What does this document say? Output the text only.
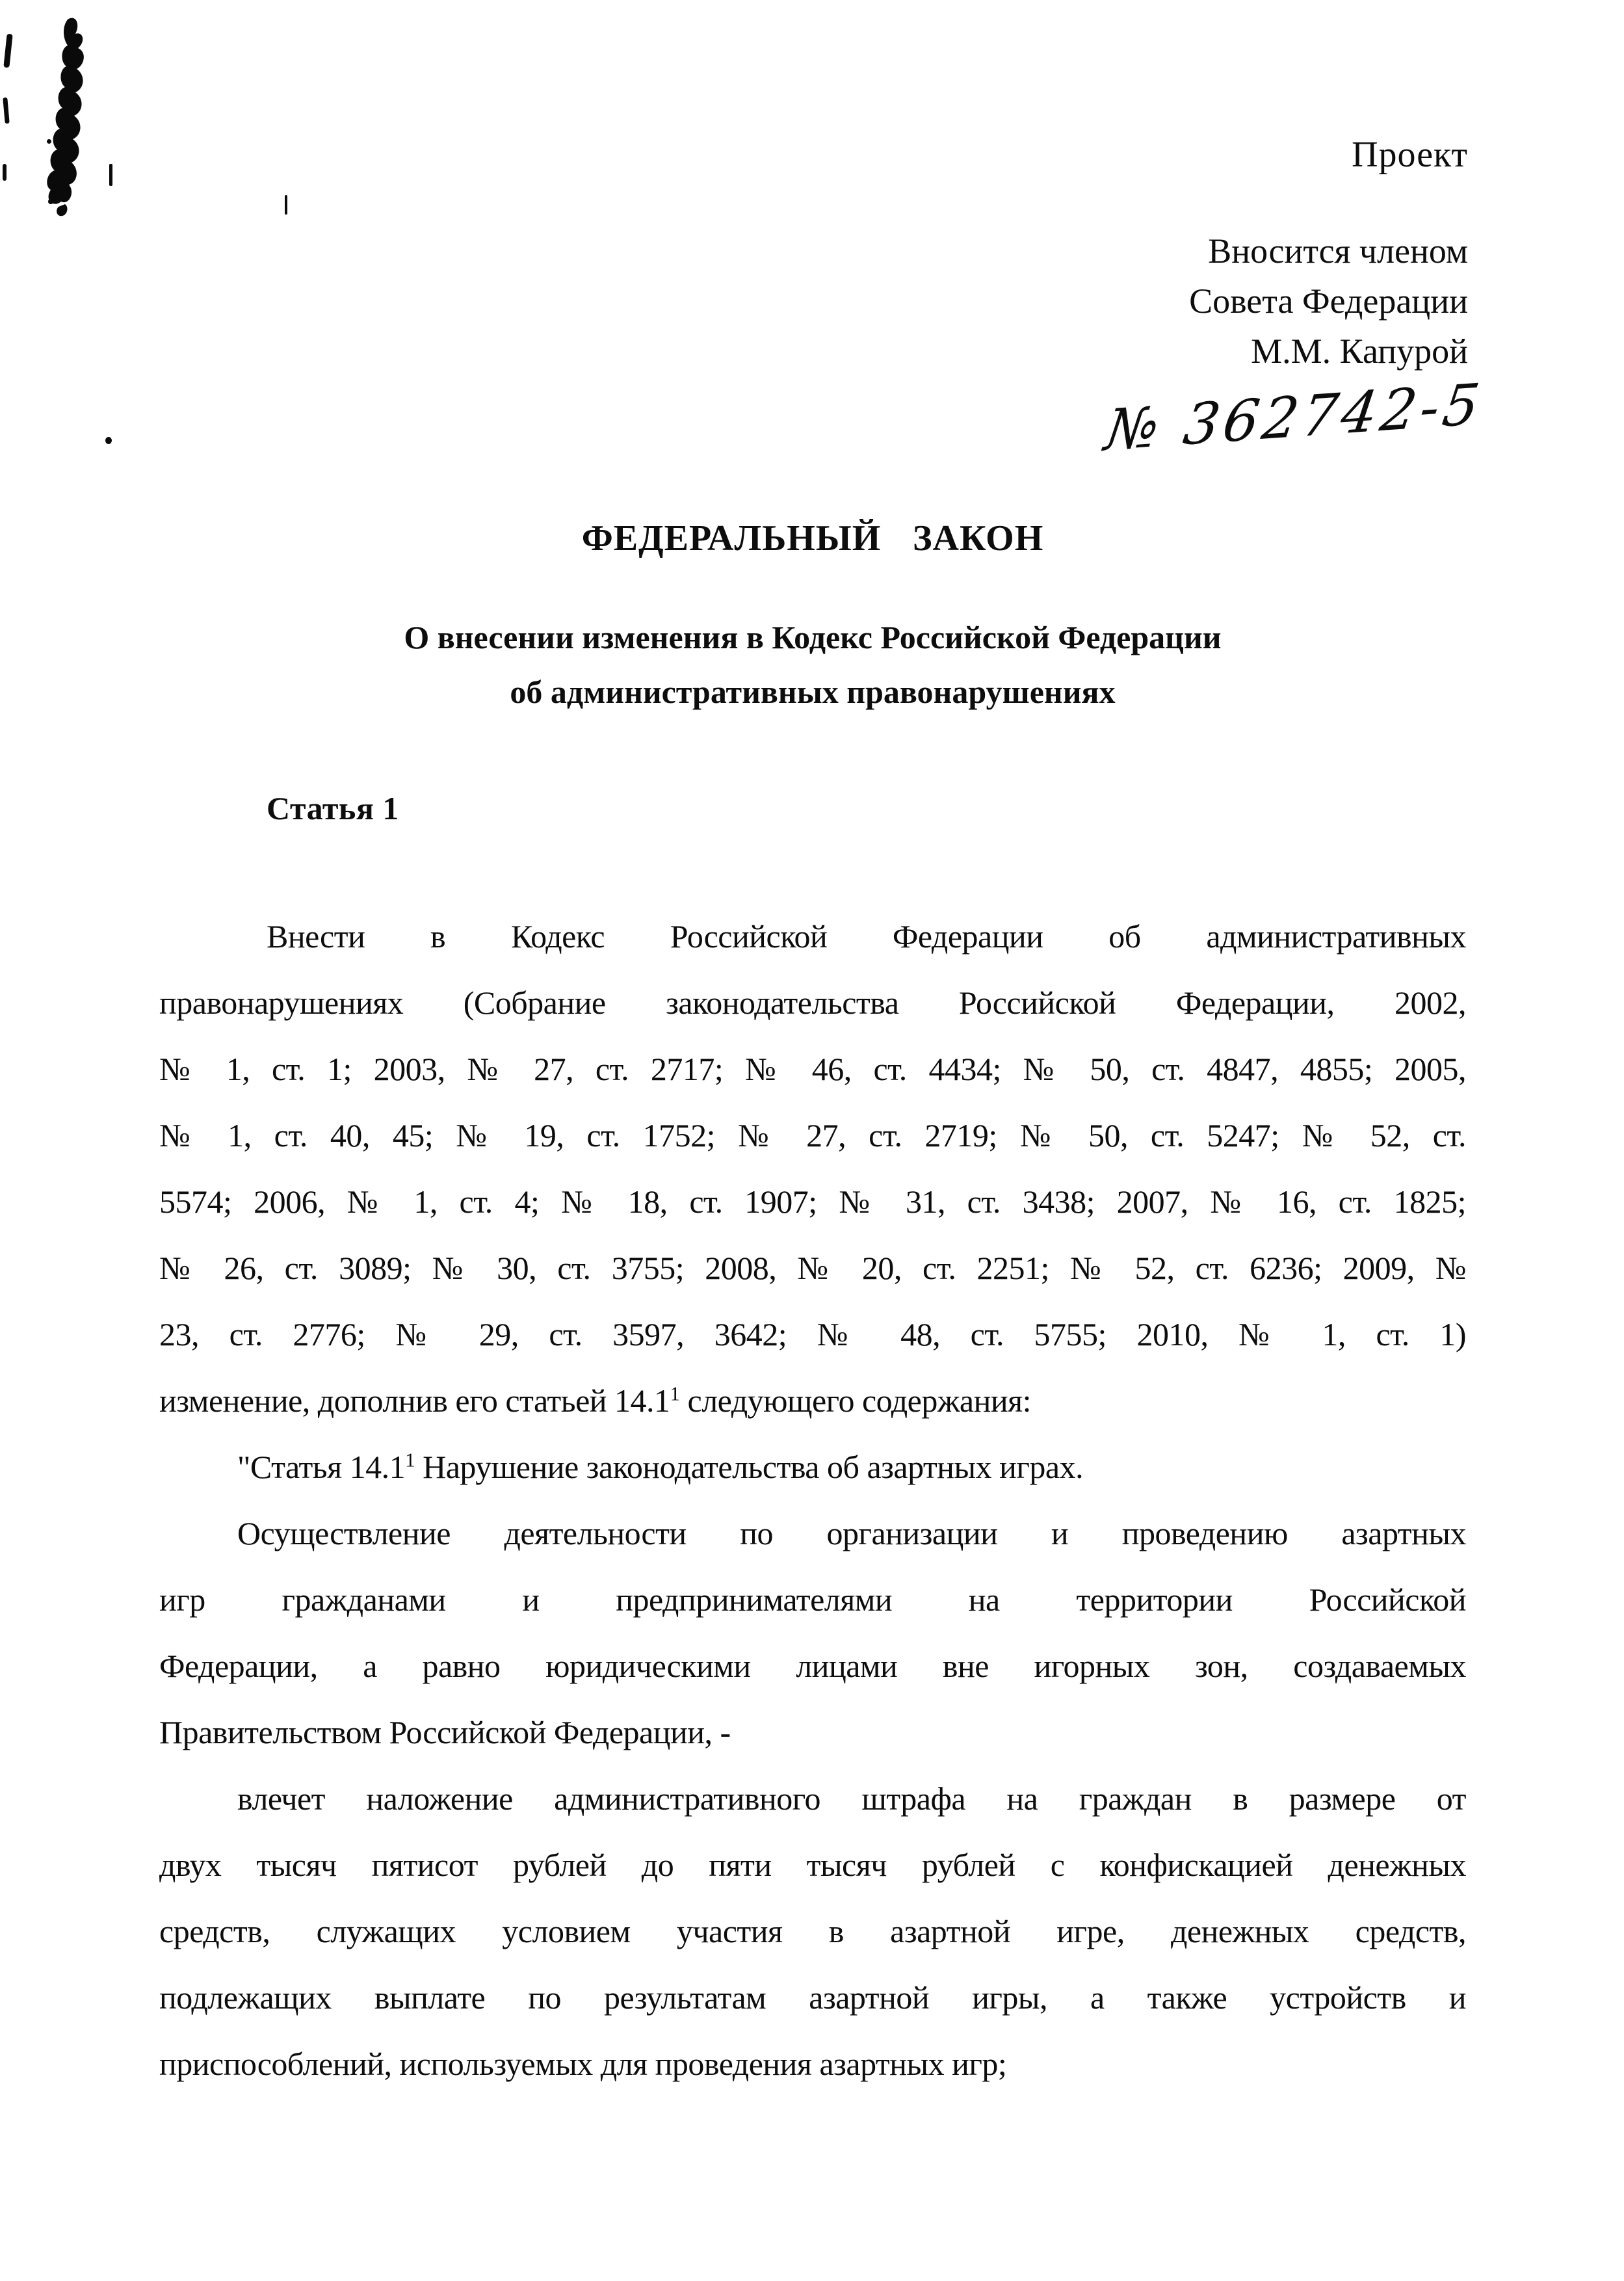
Проект
Вносится членом
Совета Федерации
М.М. Капурой
№ 362742-5
ФЕДЕРАЛЬНЫЙ ЗАКОН
О внесении изменения в Кодекс Российской Федерации
об административных правонарушениях
Статья 1
Внести в Кодекс Российской Федерации об административных
правонарушениях (Собрание законодательства Российской Федерации, 2002,
№ 1, ст. 1; 2003, № 27, ст. 2717; № 46, ст. 4434; № 50, ст. 4847, 4855; 2005,
№ 1, ст. 40, 45; № 19, ст. 1752; № 27, ст. 2719; № 50, ст. 5247; № 52, ст.
5574; 2006, № 1, ст. 4; № 18, ст. 1907; № 31, ст. 3438; 2007, № 16, ст. 1825;
№ 26, ст. 3089; № 30, ст. 3755; 2008, № 20, ст. 2251; № 52, ст. 6236; 2009, №
23, ст. 2776; № 29, ст. 3597, 3642; № 48, ст. 5755; 2010, № 1, ст. 1)
изменение, дополнив его статьей 14.1$^1$ следующего содержания:
"Статья 14.1$^1$ Нарушение законодательства об азартных играх.
Осуществление деятельности по организации и проведению азартных
игр гражданами и предпринимателями на территории Российской
Федерации, а равно юридическими лицами вне игорных зон, создаваемых
Правительством Российской Федерации, -
влечет наложение административного штрафа на граждан в размере от
двух тысяч пятисот рублей до пяти тысяч рублей с конфискацией денежных
средств, служащих условием участия в азартной игре, денежных средств,
подлежащих выплате по результатам азартной игры, а также устройств и
приспособлений, используемых для проведения азартных игр;
